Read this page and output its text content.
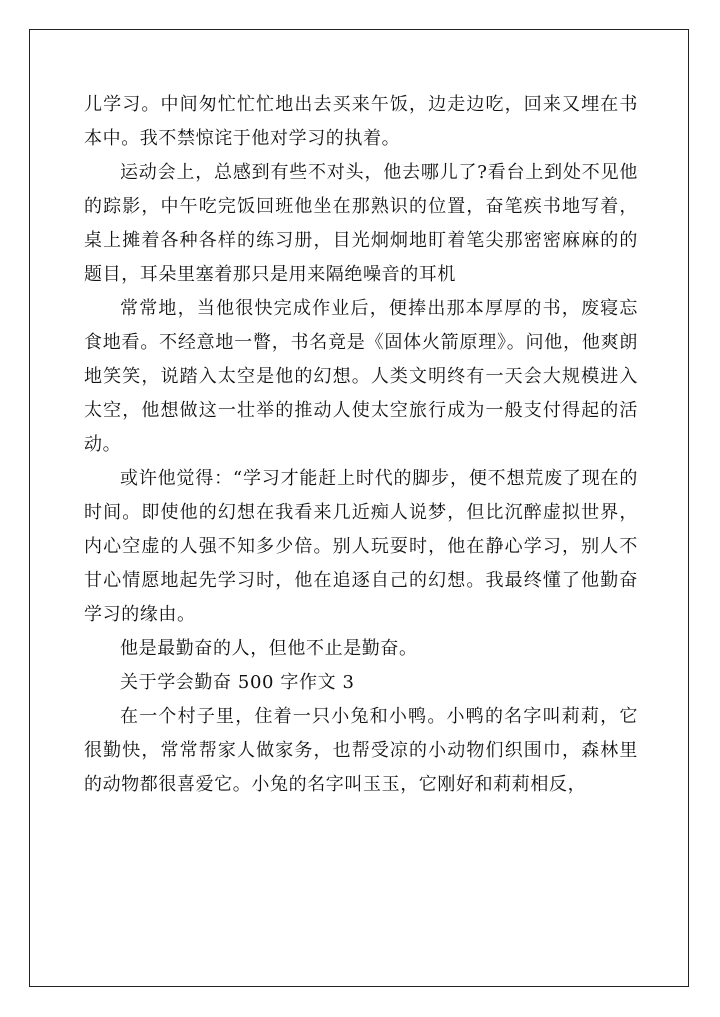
儿学习。中间匆忙忙忙地出去买来午饭，边走边吃，回来又埋在书本中。我不禁惊诧于他对学习的执着。

运动会上，总感到有些不对头，他去哪儿了?看台上到处不见他的踪影，中午吃完饭回班他坐在那熟识的位置，奋笔疾书地写着，桌上摊着各种各样的练习册，目光炯炯地盯着笔尖那密密麻麻的的题目，耳朵里塞着那只是用来隔绝噪音的耳机

常常地，当他很快完成作业后，便捧出那本厚厚的书，废寝忘食地看。不经意地一瞥，书名竟是《固体火箭原理》。问他，他爽朗地笑笑，说踏入太空是他的幻想。人类文明终有一天会大规模进入太空，他想做这一壮举的推动人使太空旅行成为一般支付得起的活动。

或许他觉得：“学习才能赶上时代的脚步，便不想荒废了现在的时间。即使他的幻想在我看来几近痴人说梦，但比沉醉虚拟世界，内心空虚的人强不知多少倍。别人玩耍时，他在静心学习，别人不甘心情愿地起先学习时，他在追逐自己的幻想。我最终懂了他勤奋学习的缘由。

他是最勤奋的人，但他不止是勤奋。

关于学会勤奋 500 字作文 3

在一个村子里，住着一只小兔和小鸭。小鸭的名字叫莉莉，它很勤快，常常帮家人做家务，也帮受凉的小动物们织围巾，森林里的动物都很喜爱它。小兔的名字叫玉玉，它刚好和莉莉相反，
